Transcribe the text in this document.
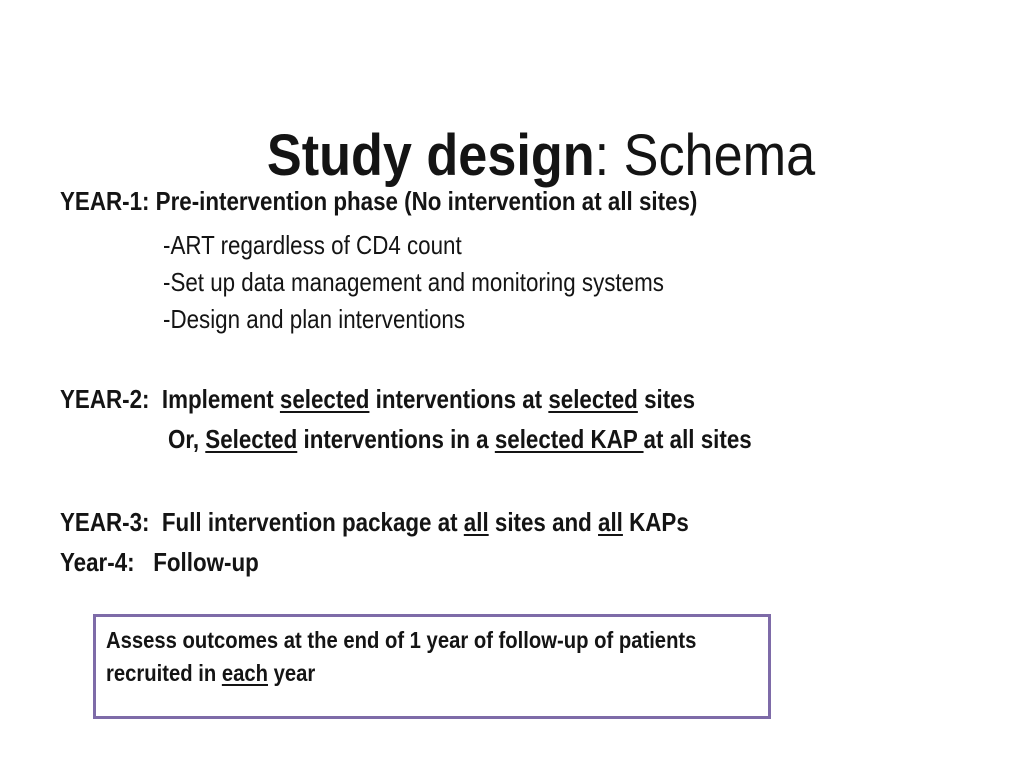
Study design: Schema

YEAR-1: Pre-intervention phase (No intervention at all sites)
-ART regardless of CD4 count
-Set up data management and monitoring systems
-Design and plan interventions
YEAR-2:  Implement selected interventions at selected sites
Or, Selected interventions in a selected KAP at all sites
YEAR-3:  Full intervention package at all sites and all KAPs
Year-4:   Follow-up
Assess outcomes at the end of 1 year of follow-up of patients
recruited in each year
